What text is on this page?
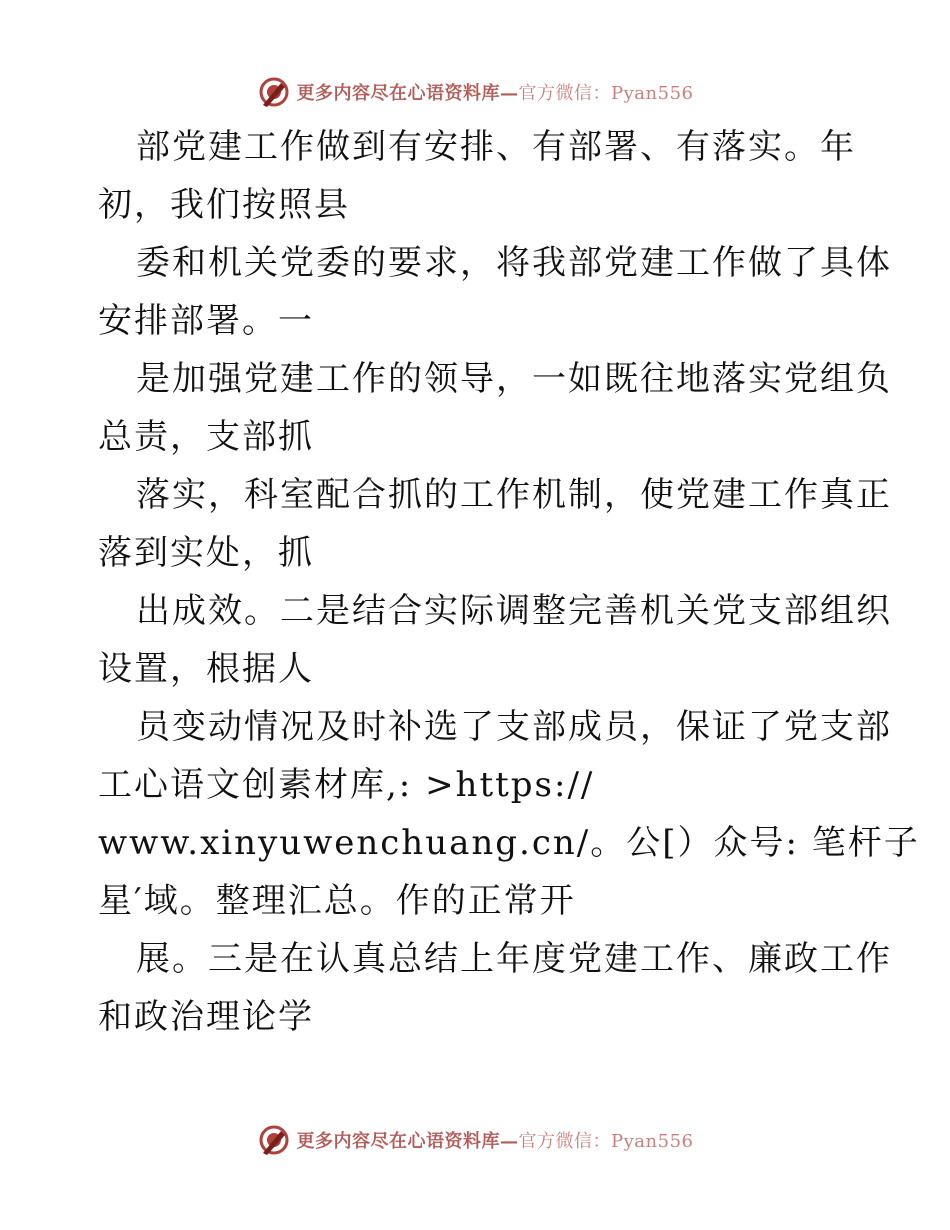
更多内容尽在心语资料库—官方微信：Pyan556
部党建工作做到有安排、有部署、有落实。年
初，我们按照县
委和机关党委的要求，将我部党建工作做了具体
安排部署。一
是加强党建工作的领导，一如既往地落实党组负
总责，支部抓
落实，科室配合抓的工作机制，使党建工作真正
落到实处，抓
出成效。二是结合实际调整完善机关党支部组织
设置，根据人
员变动情况及时补选了支部成员，保证了党支部
工心语文创素材库,: >https://
www.xinyuwenchuang.cn/。公[）众号: 笔杆子
星′域。整理汇总。作的正常开
展。三是在认真总结上年度党建工作、廉政工作
和政治理论学
更多内容尽在心语资料库—官方微信：Pyan556
